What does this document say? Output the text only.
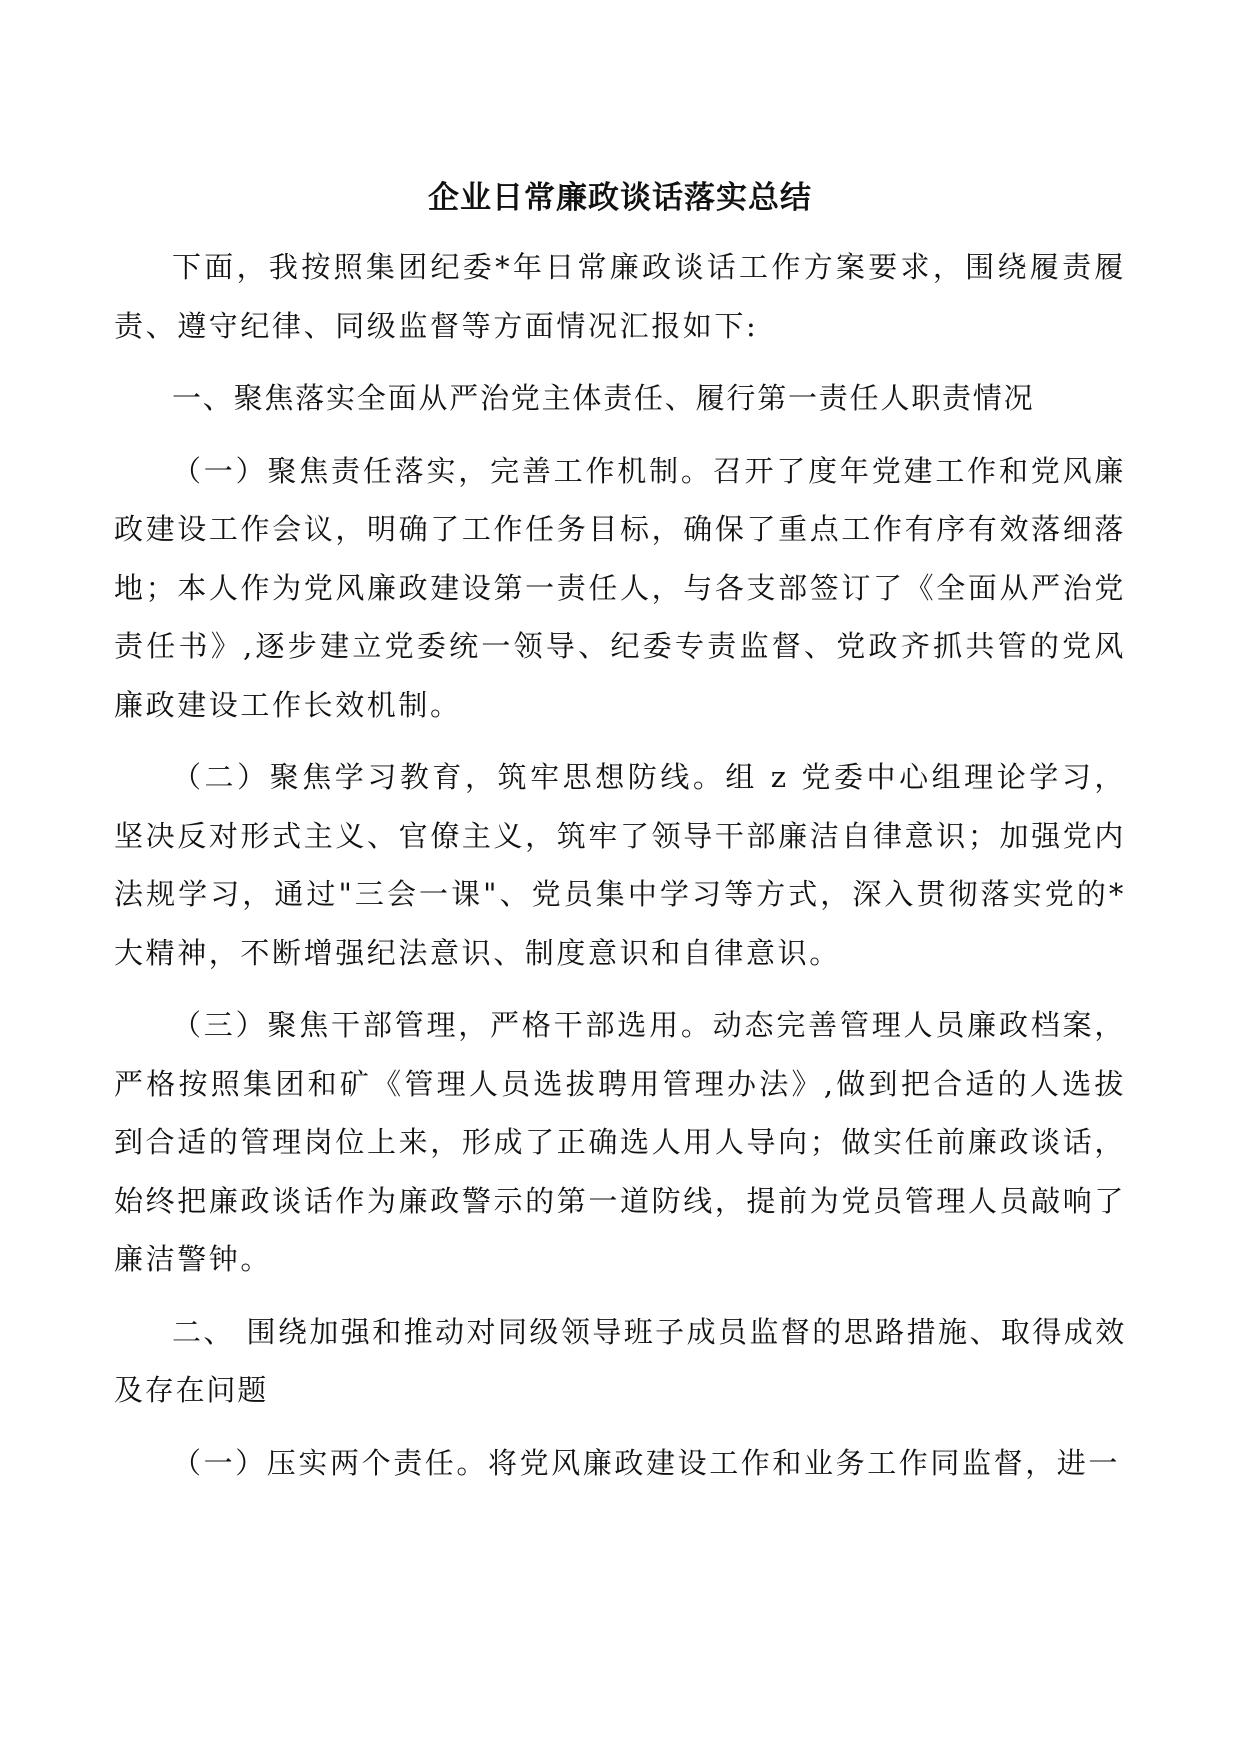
企业日常廉政谈话落实总结

下面，我按照集团纪委*年日常廉政谈话工作方案要求，围绕履责履责、遵守纪律、同级监督等方面情况汇报如下:

一、聚焦落实全面从严治党主体责任、履行第一责任人职责情况

（一）聚焦责任落实，完善工作机制。召开了度年党建工作和党风廉政建设工作会议，明确了工作任务目标，确保了重点工作有序有效落细落地；本人作为党风廉政建设第一责任人，与各支部签订了《全面从严治党责任书》,逐步建立党委统一领导、纪委专责监督、党政齐抓共管的党风廉政建设工作长效机制。

（二）聚焦学习教育，筑牢思想防线。组 z 党委中心组理论学习，坚决反对形式主义、官僚主义，筑牢了领导干部廉洁自律意识；加强党内法规学习，通过"三会一课"、党员集中学习等方式，深入贯彻落实党的*大精神，不断增强纪法意识、制度意识和自律意识。

（三）聚焦干部管理，严格干部选用。动态完善管理人员廉政档案，严格按照集团和矿《管理人员选拔聘用管理办法》,做到把合适的人选拔到合适的管理岗位上来，形成了正确选人用人导向；做实任前廉政谈话，始终把廉政谈话作为廉政警示的第一道防线，提前为党员管理人员敲响了廉洁警钟。

二、 围绕加强和推动对同级领导班子成员监督的思路措施、取得成效及存在问题

（一）压实两个责任。将党风廉政建设工作和业务工作同监督，进一
